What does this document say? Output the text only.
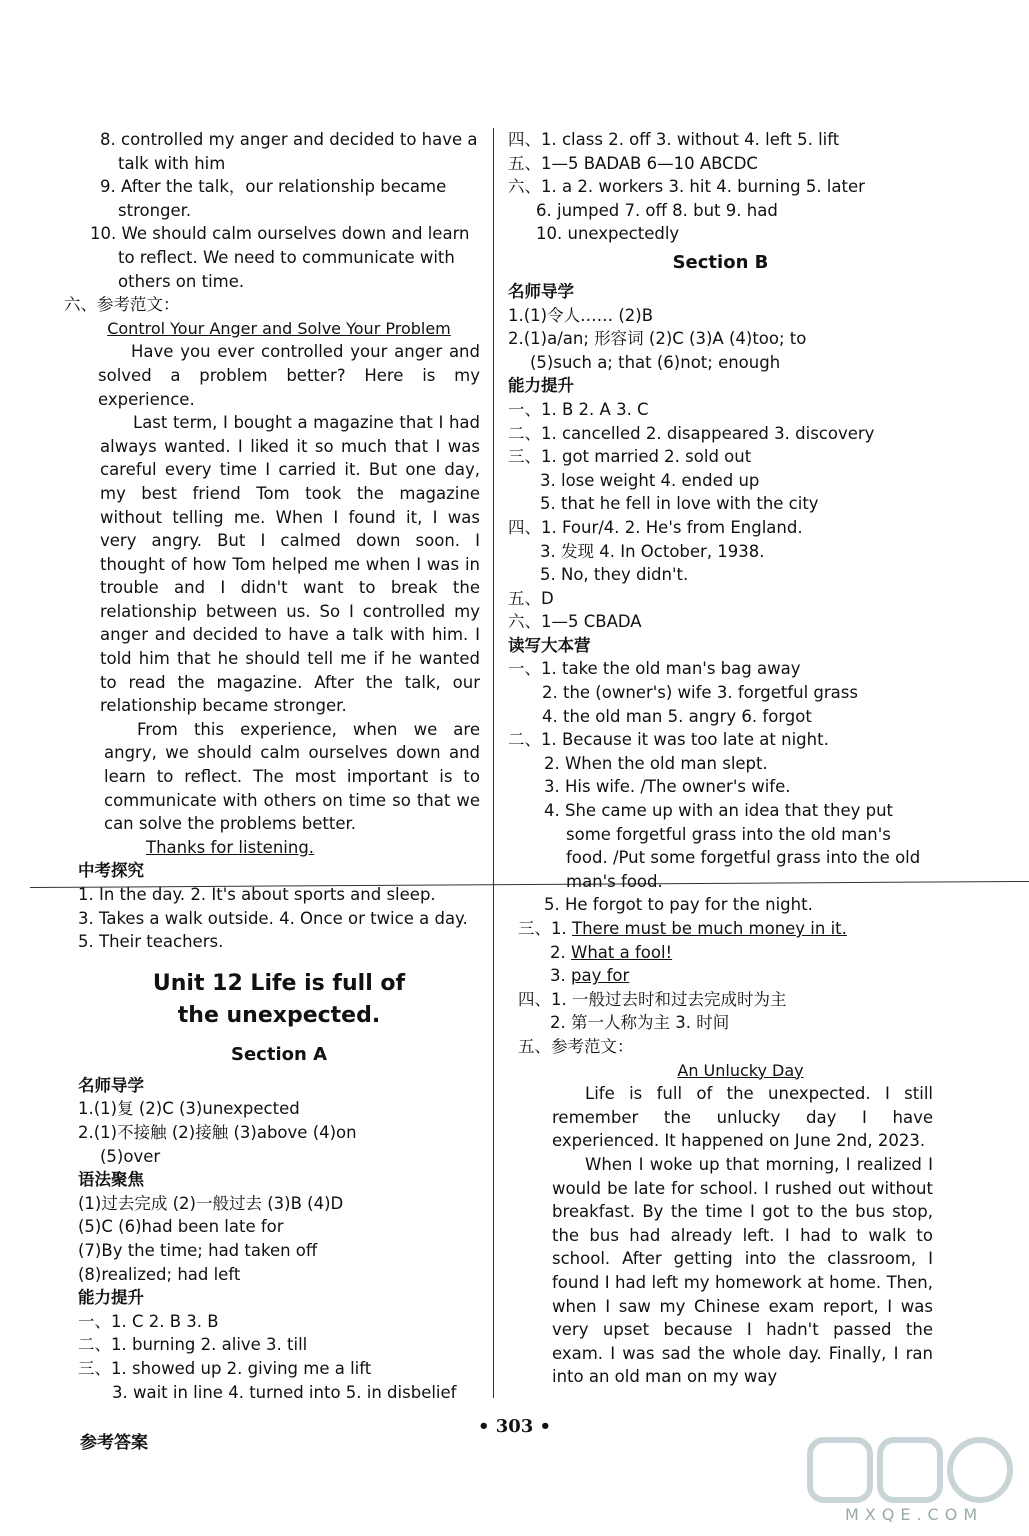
8. controlled my anger and decided to have a
talk with him
9. After the talk，our relationship became
stronger.
10. We should calm ourselves down and learn
to reflect. We need to communicate with
others on time.
六、参考范文：
Control Your Anger and Solve Your Problem
Have you ever controlled your anger and solved a problem better? Here is my experience.
Last term, I bought a magazine that I had always wanted. I liked it so much that I was careful every time I carried it. But one day, my best friend Tom took the magazine without telling me. When I found it, I was very angry. But I calmed down soon. I thought of how Tom helped me when I was in trouble and I didn't want to break the relationship between us. So I controlled my anger and decided to have a talk with him. I told him that he should tell me if he wanted to read the magazine. After the talk, our relationship became stronger.
From this experience, when we are angry, we should calm ourselves down and learn to reflect. The most important is to communicate with others on time so that we can solve the problems better.
Thanks for listening.
中考探究
1. In the day. 2. It's about sports and sleep.
3. Takes a walk outside. 4. Once or twice a day.
5. Their teachers.
Unit 12 Life is full of
the unexpected.
Section A
名师导学
1.(1)复 (2)C (3)unexpected
2.(1)不接触 (2)接触 (3)above (4)on
(5)over
语法聚焦
(1)过去完成 (2)一般过去 (3)B (4)D
(5)C (6)had been late for
(7)By the time; had taken off
(8)realized; had left
能力提升
一、1. C 2. B 3. B
二、1. burning 2. alive 3. till
三、1. showed up 2. giving me a lift
3. wait in line 4. turned into 5. in disbelief
四、1. class 2. off 3. without 4. left 5. lift
五、1—5 BADAB 6—10 ABCDC
六、1. a 2. workers 3. hit 4. burning 5. later
6. jumped 7. off 8. but 9. had
10. unexpectedly
Section B
名师导学
1.(1)令人…… (2)B
2.(1)a/an; 形容词 (2)C (3)A (4)too; to
(5)such a; that (6)not; enough
能力提升
一、1. B 2. A 3. C
二、1. cancelled 2. disappeared 3. discovery
三、1. got married 2. sold out
3. lose weight 4. ended up
5. that he fell in love with the city
四、1. Four/4. 2. He's from England.
3. 发现 4. In October, 1938.
5. No, they didn't.
五、D
六、1—5 CBADA
读写大本营
一、1. take the old man's bag away
2. the (owner's) wife 3. forgetful grass
4. the old man 5. angry 6. forgot
二、1. Because it was too late at night.
2. When the old man slept.
3. His wife. /The owner's wife.
4. She came up with an idea that they put
some forgetful grass into the old man's
food. /Put some forgetful grass into the old
man's food.
5. He forgot to pay for the night.
三、1. There must be much money in it.
2. What a fool!
3. pay for
四、1. 一般过去时和过去完成时为主
2. 第一人称为主 3. 时间
五、参考范文：
An Unlucky Day
Life is full of the unexpected. I still remember the unlucky day I have experienced. It happened on June 2nd, 2023.
When I woke up that morning, I realized I would be late for school. I rushed out without breakfast. By the time I got to the bus stop, the bus had already left. I had to walk to school. After getting into the classroom, I found I had left my homework at home. Then, when I saw my Chinese exam report, I was very upset because I hadn't passed the exam. I was sad the whole day. Finally, I ran into an old man on my way
• 303 •
参考答案
MXQE.COM
